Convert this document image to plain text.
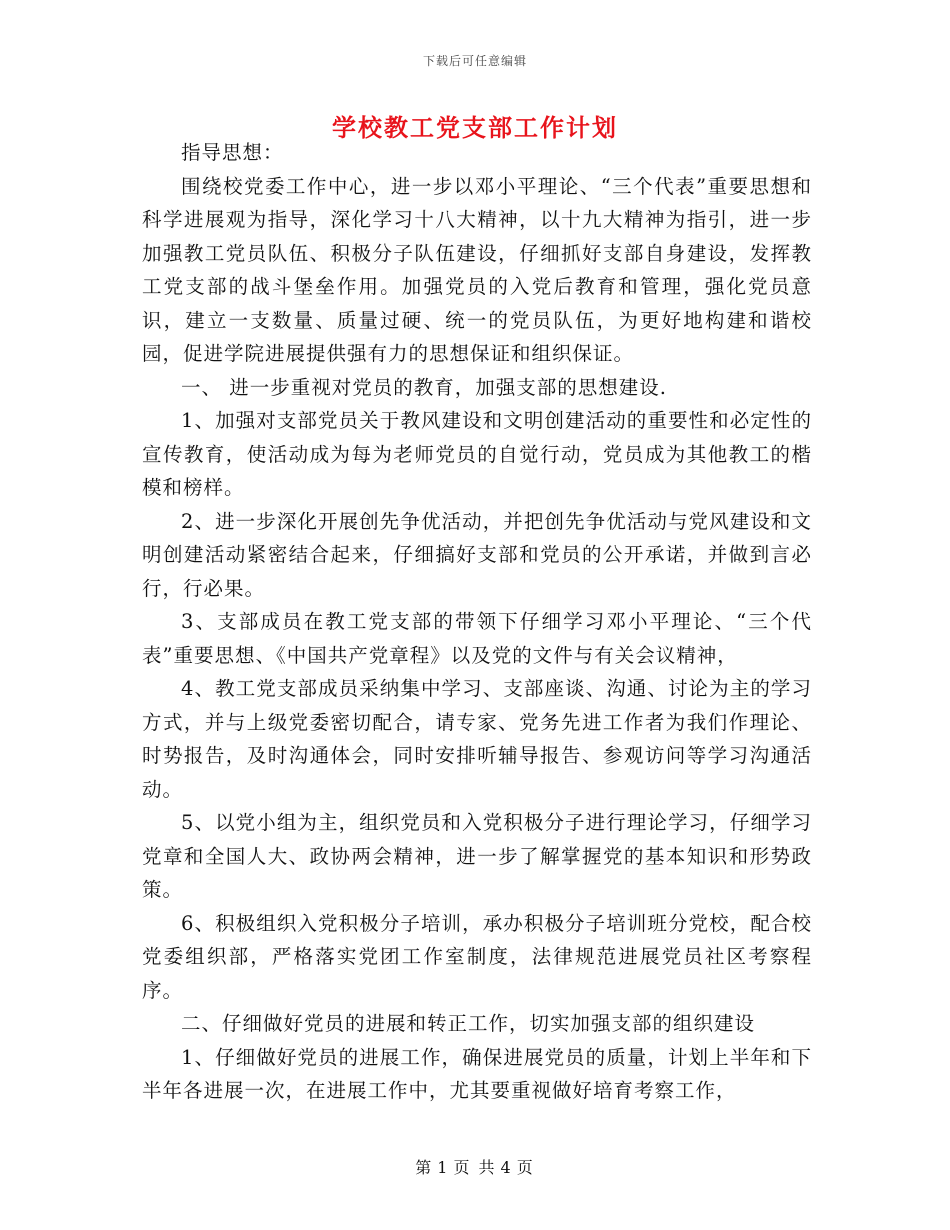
下载后可任意编辑
学校教工党支部工作计划

指导思想：

围绕校党委工作中心，进一步以邓小平理论、“三个代表”重要思想和科学进展观为指导，深化学习十八大精神，以十九大精神为指引，进一步加强教工党员队伍、积极分子队伍建设，仔细抓好支部自身建设，发挥教工党支部的战斗堡垒作用。加强党员的入党后教育和管理，强化党员意识，建立一支数量、质量过硬、统一的党员队伍，为更好地构建和谐校园，促进学院进展提供强有力的思想保证和组织保证。

一、 进一步重视对党员的教育，加强支部的思想建设.

1、加强对支部党员关于教风建设和文明创建活动的重要性和必定性的宣传教育，使活动成为每为老师党员的自觉行动，党员成为其他教工的楷模和榜样。

2、进一步深化开展创先争优活动，并把创先争优活动与党风建设和文明创建活动紧密结合起来，仔细搞好支部和党员的公开承诺，并做到言必行，行必果。

3、支部成员在教工党支部的带领下仔细学习邓小平理论、“三个代表”重要思想、《中国共产党章程》以及党的文件与有关会议精神，

4、教工党支部成员采纳集中学习、支部座谈、沟通、讨论为主的学习方式，并与上级党委密切配合，请专家、党务先进工作者为我们作理论、时势报告，及时沟通体会，同时安排听辅导报告、参观访问等学习沟通活动。

5、以党小组为主，组织党员和入党积极分子进行理论学习，仔细学习党章和全国人大、政协两会精神，进一步了解掌握党的基本知识和形势政策。

6、积极组织入党积极分子培训，承办积极分子培训班分党校，配合校党委组织部，严格落实党团工作室制度，法律规范进展党员社区考察程序。

二、仔细做好党员的进展和转正工作，切实加强支部的组织建设

1、仔细做好党员的进展工作，确保进展党员的质量，计划上半年和下半年各进展一次，在进展工作中，尤其要重视做好培育考察工作，

第 1 页 共 4 页
